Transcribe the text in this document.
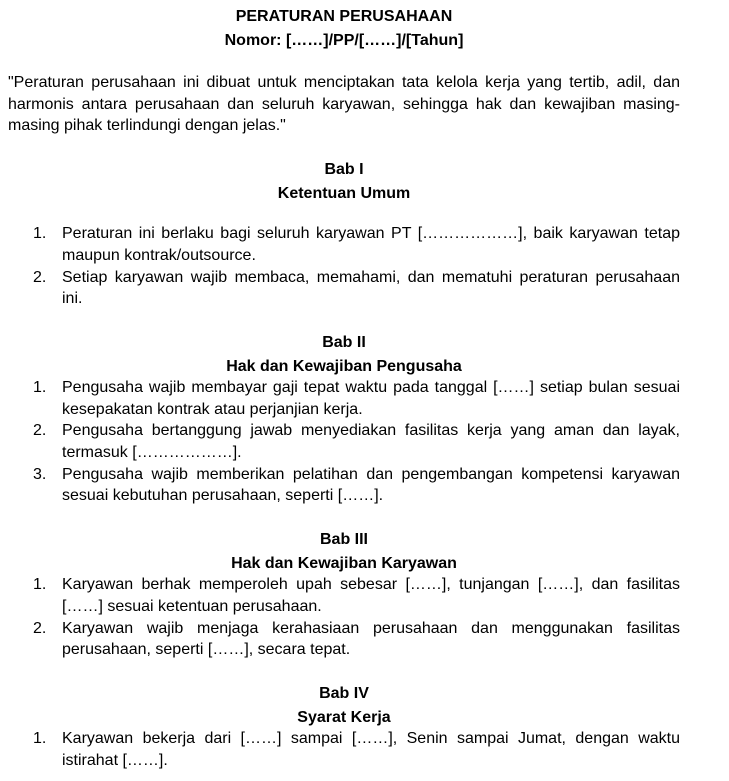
PERATURAN PERUSAHAAN
Nomor: [……]/PP/[……]/[Tahun]

"Peraturan perusahaan ini dibuat untuk menciptakan tata kelola kerja yang tertib, adil, dan harmonis antara perusahaan dan seluruh karyawan, sehingga hak dan kewajiban masing-masing pihak terlindungi dengan jelas."

Bab I
Ketentuan Umum
Peraturan ini berlaku bagi seluruh karyawan PT [………………], baik karyawan tetap maupun kontrak/outsource.
Setiap karyawan wajib membaca, memahami, dan mematuhi peraturan perusahaan ini.
Bab II
Hak dan Kewajiban Pengusaha
Pengusaha wajib membayar gaji tepat waktu pada tanggal [……] setiap bulan sesuai kesepakatan kontrak atau perjanjian kerja.
Pengusaha bertanggung jawab menyediakan fasilitas kerja yang aman dan layak, termasuk [………………].
Pengusaha wajib memberikan pelatihan dan pengembangan kompetensi karyawan sesuai kebutuhan perusahaan, seperti [……].
Bab III
Hak dan Kewajiban Karyawan
Karyawan berhak memperoleh upah sebesar [……], tunjangan [……], dan fasilitas [……] sesuai ketentuan perusahaan.
Karyawan wajib menjaga kerahasiaan perusahaan dan menggunakan fasilitas perusahaan, seperti [……], secara tepat.
Bab IV
Syarat Kerja
Karyawan bekerja dari [……] sampai [……], Senin sampai Jumat, dengan waktu istirahat [……].
